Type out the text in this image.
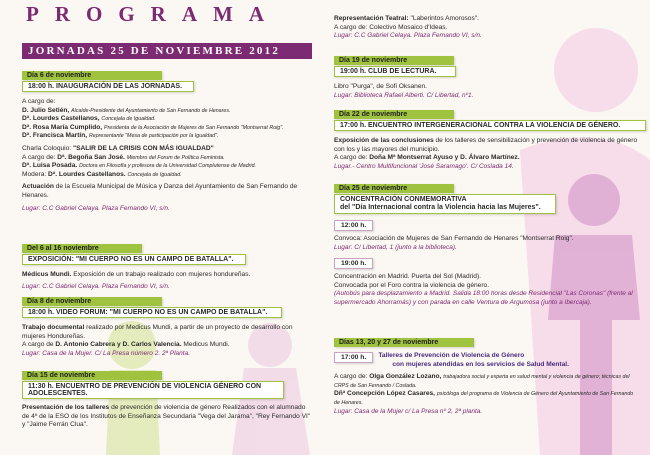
PROGRAMA
JORNADAS 25 DE NOVIEMBRE 2012
Día 6 de noviembre
18:00 h. INAUGURACIÓN DE LAS JORNADAS.

A cargo de:

D. Julio Setién, Alcalde-Presidente del Ayuntamiento de San Fernando de Henares.

Dª. Lourdes Castellanos, Concejala de Igualdad.

Dª. Rosa María Cumplido, Presidenta de la Asociación de Mujeres de San Fernando "Montserrat Roig".

Dª. Francisca Martín, Representante "Mesa de participación por la Igualdad".

Charla Coloquio: "SALIR DE LA CRISIS CON MÁS IGUALDAD"

A cargo de: Dª. Begoña San José. Miembro del Forum de Política Feminista.

Dª. Luisa Posada. Doctora en Filosofía y profesora de la Universidad Complutense de Madrid.

Modera: Dª. Lourdes Castellanos. Concejala de Igualdad.

Actuación de la Escuela Municipal de Música y Danza del Ayuntamiento de San Fernando de Henares.

Lugar: C.C Gabriel Celaya. Plaza Fernando VI, s/n.

Del 6 al 16 noviembre
EXPOSICIÓN: "MI CUERPO NO ES UN CAMPO DE BATALLA".

Médicus Mundi. Exposición de un trabajo realizado con mujeres hondureñas.

Lugar: C.C Gabriel Celaya. Plaza Fernando VI, s/n.

Día 8 de noviembre
18:00 h. VIDEO FORUM: "MI CUERPO NO ES UN CAMPO DE BATALLA".

Trabajo documental realizado por Medicus Mundi, a partir de un proyecto de desarrollo con mujeres Hondureñas.

A cargo de D. Antonio Cabrera y D. Carlos Valencia. Medicus Mundi.

Lugar: Casa de la Mujer. C/ La Presa número 2. 2ª Planta.

Día 15 de noviembre
11:30 h. ENCUENTRO DE PREVENCIÓN DE VIOLENCIA GÉNERO CON ADOLESCENTES.

Presentación de los talleres de prevención de violencia de género Realizados con el alumnado de 4º de la ESO de los Institutos de Enseñanza Secundaria "Vega del Jarama", "Rey Fernando VI" y "Jaime Ferrán Clua".

Representación Teatral: "Laberintos Amorosos".

A cargo de: Colectivo Mosaico d'Ideas.

Lugar: C.C Gabriel Celaya. Plaza Fernando VI, s/n.

Día 19 de noviembre
19:00 h. CLUB DE LECTURA.

Libro "Purga", de Sofi Oksanen.

Lugar: Biblioteca Rafael Alberti. C/ Libertad, nº1.

Día 22 de noviembre
17:00 h. ENCUENTRO INTERGENERACIONAL CONTRA LA VIOLENCIA DE GÉNERO.

Exposición de las conclusiones de los talleres de sensibilización y prevención de violencia de género con los y las mayores del municipio.

A cargo de: Doña Mª Montserrat Ayuso y D. Álvaro Martínez.

Lugar.- Centro Multifuncional 'José Saramago'. C/ Coslada 14.

Día 25 de noviembre
CONCENTRACIÓN CONMEMORATIVA
del "Día Internacional contra la Violencia hacia las Mujeres".
12:00 h.

Convoca: Asociación de Mujeres de San Fernando de Henares "Montserrat Roig".

Lugar: C/ Libertad, 1 (junto a la biblioteca).

19:00 h.

Concentración en Madrid. Puerta del Sol (Madrid).

Convocada por el Foro contra la violencia de género.

(Autobús para desplazamiento a Madrid. Salida 18:00 horas desde Residencial "Las Coronas" (frente al supermercado Ahorramás) y con parada en calle Ventura de Argumosa (junto a Ibercaja).

Días 13, 20 y 27 de noviembre
17:00 h.	Talleres de Prevención de Violencia de Género

con mujeres atendidas en los servicios de Salud Mental.

A cargo de: Olga González Lozano, trabajadora social y experta en salud mental y violencia de género; técnicas del CRPS de San Fernando / Coslada.

Dñª Concepción López Casares, psicóloga del programa de Violencia de Género del Ayuntamiento de San Fernando de Henares.

Lugar: Casa de la Mujer c/ La Presa nº 2, 2ª planta.
